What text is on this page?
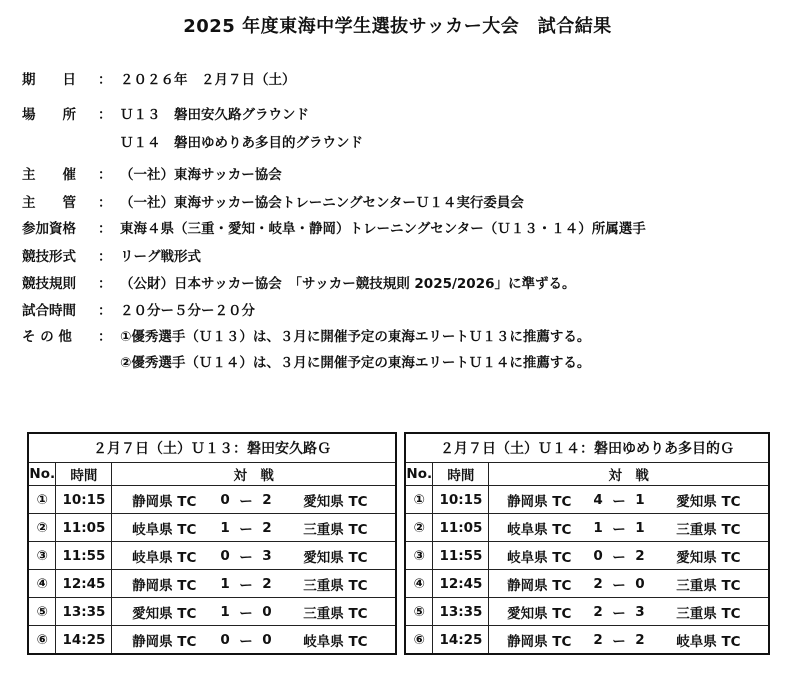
2025 年度東海中学生選抜サッカー大会　試合結果
期　　日 ： ２０２６年　２月７日（土）
場　　所 ： Ｕ１３　磐田安久路グラウンド
Ｕ１４　磐田ゆめりあ多目的グラウンド
主　　催 ： （一社）東海サッカー協会
主　　管 ： （一社）東海サッカー協会トレーニングセンターＵ１４実行委員会
参加資格 ： 東海４県（三重・愛知・岐阜・静岡）トレーニングセンター（Ｕ１３・１４）所属選手
競技形式 ： リーグ戦形式
競技規則 ： （公財）日本サッカー協会　「サッカー競技規則 2025/2026」に準ずる。
試合時間 ： ２０分ー５分ー２０分
そ の 他 ： ①優秀選手（Ｕ１３）は、３月に開催予定の東海エリートＵ１３に推薦する。
②優秀選手（Ｕ１４）は、３月に開催予定の東海エリートＵ１４に推薦する。
２月７日（土）Ｕ１３：磐田安久路Ｇ						
No.	時間	対　戦				
①	10:15	静岡県 TC	0	ー	2	愛知県 TC
②	11:05	岐阜県 TC	1	ー	2	三重県 TC
③	11:55	岐阜県 TC	0	ー	3	愛知県 TC
④	12:45	静岡県 TC	1	ー	2	三重県 TC
⑤	13:35	愛知県 TC	1	ー	0	三重県 TC
⑥	14:25	静岡県 TC	0	ー	0	岐阜県 TC
２月７日（土）Ｕ１４：磐田ゆめりあ多目的Ｇ						
No.	時間	対　戦				
①	10:15	静岡県 TC	4	ー	1	愛知県 TC
②	11:05	岐阜県 TC	1	ー	1	三重県 TC
③	11:55	岐阜県 TC	0	ー	2	愛知県 TC
④	12:45	静岡県 TC	2	ー	0	三重県 TC
⑤	13:35	愛知県 TC	2	ー	3	三重県 TC
⑥	14:25	静岡県 TC	2	ー	2	岐阜県 TC
